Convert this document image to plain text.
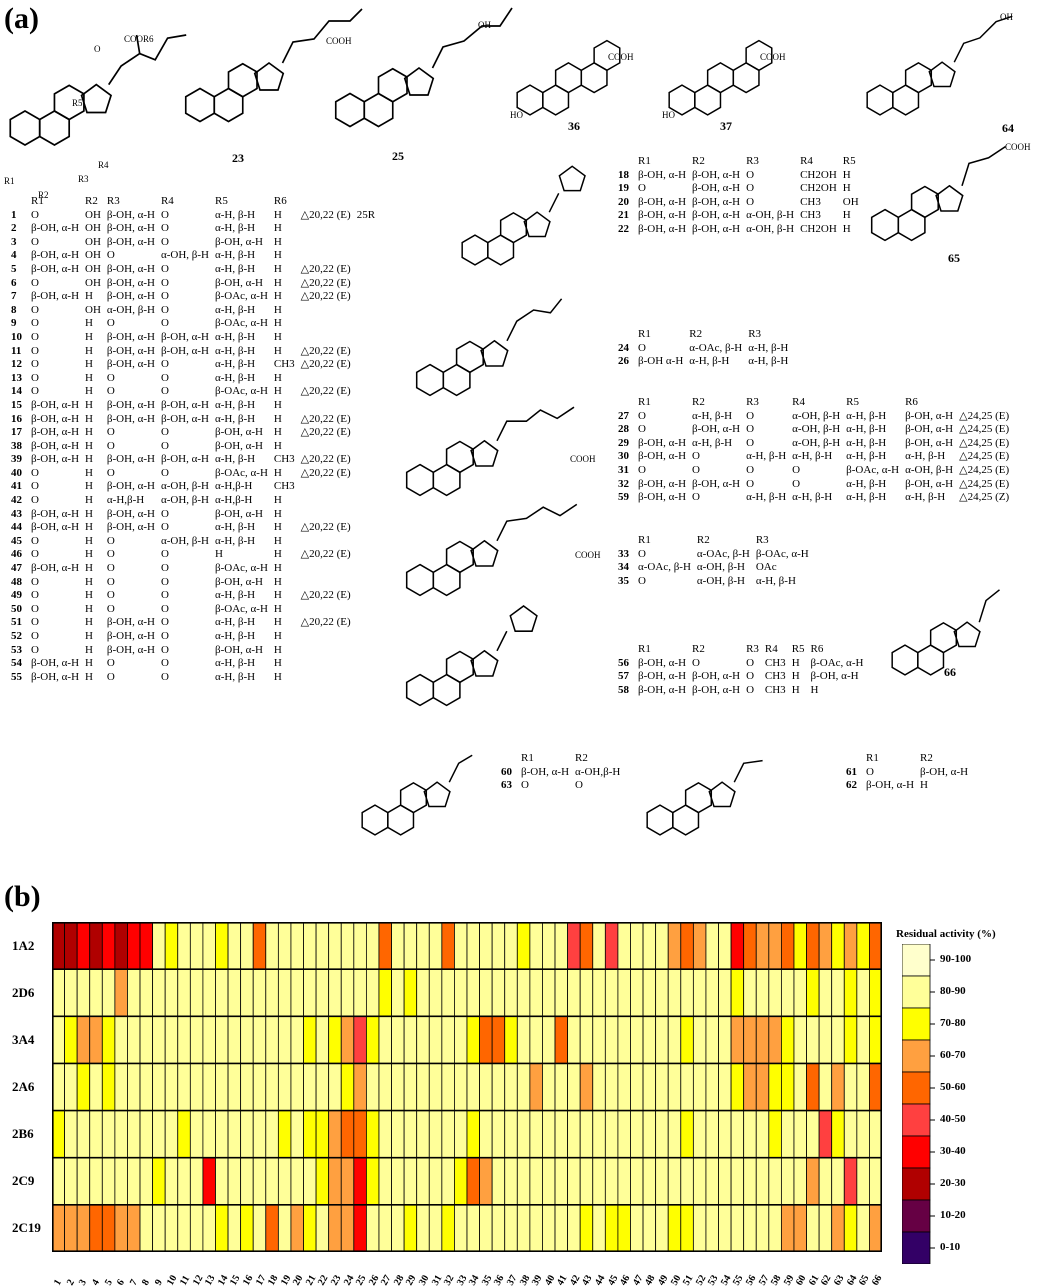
(a)
(b)
COOR6
O
R5
R4
R3
R1
R2
COOH
23
OH
25
COOH
HO
36
COOH
HO
37
OH
64
COOH
65
COOH
COOH
66
	R1	R2	R3	R4	R5	R6		
1	O	OH	β-OH, α-H	O	α-H, β-H	H	△20,22 (E)	25R
2	β-OH, α-H	OH	β-OH, α-H	O	α-H, β-H	H		
3	O	OH	β-OH, α-H	O	β-OH, α-H	H		
4	β-OH, α-H	OH	O	α-OH, β-H	α-H, β-H	H		
5	β-OH, α-H	OH	β-OH, α-H	O	α-H, β-H	H	△20,22 (E)	
6	O	OH	β-OH, α-H	O	β-OH, α-H	H	△20,22 (E)	
7	β-OH, α-H	H	β-OH, α-H	O	β-OAc, α-H	H	△20,22 (E)	
8	O	OH	α-OH, β-H	O	α-H, β-H	H		
9	O	H	O	O	β-OAc, α-H	H		
10	O	H	β-OH, α-H	β-OH, α-H	α-H, β-H	H		
11	O	H	β-OH, α-H	β-OH, α-H	α-H, β-H	H	△20,22 (E)	
12	O	H	β-OH, α-H	O	α-H, β-H	CH3	△20,22 (E)	
13	O	H	O	O	α-H, β-H	H		
14	O	H	O	O	β-OAc, α-H	H	△20,22 (E)	
15	β-OH, α-H	H	β-OH, α-H	β-OH, α-H	α-H, β-H	H		
16	β-OH, α-H	H	β-OH, α-H	β-OH, α-H	α-H, β-H	H	△20,22 (E)	
17	β-OH, α-H	H	O	O	β-OH, α-H	H	△20,22 (E)	
38	β-OH, α-H	H	O	O	β-OH, α-H	H		
39	β-OH, α-H	H	β-OH, α-H	β-OH, α-H	α-H, β-H	CH3	△20,22 (E)	
40	O	H	O	O	β-OAc, α-H	H	△20,22 (E)	
41	O	H	β-OH, α-H	α-OH, β-H	α-H,β-H	CH3		
42	O	H	α-H,β-H	α-OH, β-H	α-H,β-H	H		
43	β-OH, α-H	H	β-OH, α-H	O	β-OH, α-H	H		
44	β-OH, α-H	H	β-OH, α-H	O	α-H, β-H	H	△20,22 (E)	
45	O	H	O	α-OH, β-H	α-H, β-H	H		
46	O	H	O	O	H	H	△20,22 (E)	
47	β-OH, α-H	H	O	O	β-OAc, α-H	H		
48	O	H	O	O	β-OH, α-H	H		
49	O	H	O	O	α-H, β-H	H	△20,22 (E)	
50	O	H	O	O	β-OAc, α-H	H		
51	O	H	β-OH, α-H	O	α-H, β-H	H	△20,22 (E)	
52	O	H	β-OH, α-H	O	α-H, β-H	H		
53	O	H	β-OH, α-H	O	β-OH, α-H	H		
54	β-OH, α-H	H	O	O	α-H, β-H	H		
55	β-OH, α-H	H	O	O	α-H, β-H	H		
	R1	R2	R3	R4	R5
18	β-OH, α-H	β-OH, α-H	O	CH2OH	H
19	O	β-OH, α-H	O	CH2OH	H
20	β-OH, α-H	β-OH, α-H	O	CH3	OH
21	β-OH, α-H	β-OH, α-H	α-OH, β-H	CH3	H
22	β-OH, α-H	β-OH, α-H	α-OH, β-H	CH2OH	H
	R1	R2	R3
24	O	α-OAc, β-H	α-H, β-H
26	β-OH α-H	α-H, β-H	α-H, β-H
	R1	R2	R3	R4	R5	R6	
27	O	α-H, β-H	O	α-OH, β-H	α-H, β-H	β-OH, α-H	△24,25 (E)
28	O	β-OH, α-H	O	α-OH, β-H	α-H, β-H	β-OH, α-H	△24,25 (E)
29	β-OH, α-H	α-H, β-H	O	α-OH, β-H	α-H, β-H	β-OH, α-H	△24,25 (E)
30	β-OH, α-H	O	α-H, β-H	α-H, β-H	α-H, β-H	α-H, β-H	△24,25 (E)
31	O	O	O	O	β-OAc, α-H	α-OH, β-H	△24,25 (E)
32	β-OH, α-H	β-OH, α-H	O	O	α-H, β-H	β-OH, α-H	△24,25 (E)
59	β-OH, α-H	O	α-H, β-H	α-H, β-H	α-H, β-H	α-H, β-H	△24,25 (Z)
	R1	R2	R3
33	O	α-OAc, β-H	β-OAc, α-H
34	α-OAc, β-H	α-OH, β-H	OAc
35	O	α-OH, β-H	α-H, β-H
	R1	R2	R3	R4	R5	R6
56	β-OH, α-H	O	O	CH3	H	β-OAc, α-H
57	β-OH, α-H	β-OH, α-H	O	CH3	H	β-OH, α-H
58	β-OH, α-H	β-OH, α-H	O	CH3	H	H
	R1	R2
60	β-OH, α-H	α-OH,β-H
63	O	O
	R1	R2
61	O	β-OH, α-H
62	β-OH, α-H	H
1A2
2D6
3A4
2A6
2B6
2C9
2C19
1 2 3 4 5 6 7 8 9 10
11
12
13
14
15
16
17
18
19
20
21
22
23
24
25
26
27
28
29
30
31
32
33
34
35
36
37
38
39
40
41
42
43
44
45
46
47
48
49
50
51
52
53
54
55
56
57
58
59
60
61
62
63
64
65
66
Residual activity (%)
90-100
80-90
70-80
60-70
50-60
40-50
30-40
20-30
10-20
0-10
